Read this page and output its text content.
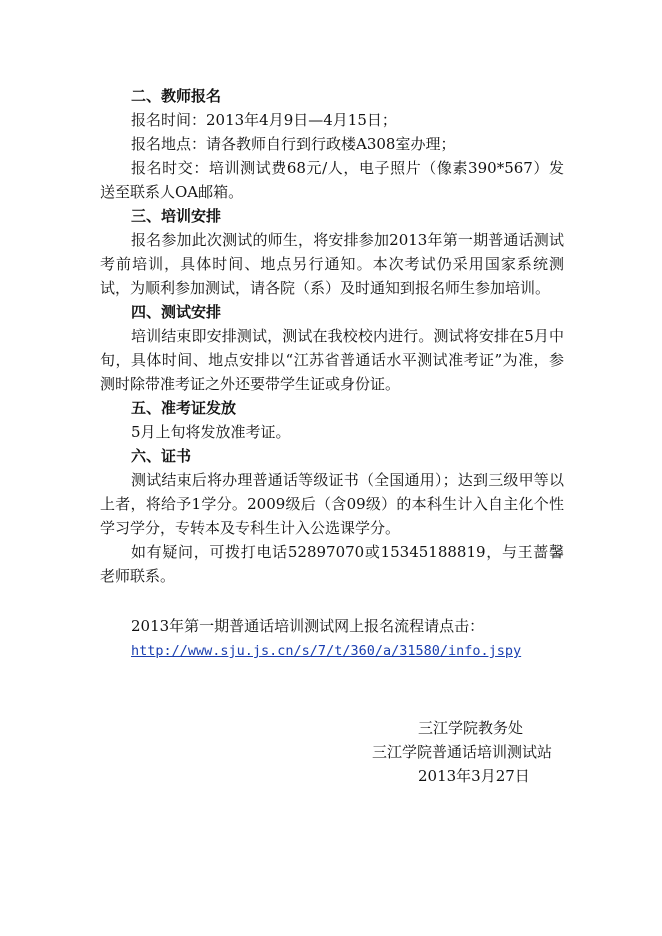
二、教师报名

报名时间：2013年4月9日—4月15日；

报名地点：请各教师自行到行政楼A308室办理；

报名时交：培训测试费68元/人，电子照片（像素390*567）发送至联系人OA邮箱。

三、培训安排

报名参加此次测试的师生，将安排参加2013年第一期普通话测试考前培训，具体时间、地点另行通知。本次考试仍采用国家系统测试，为顺利参加测试，请各院（系）及时通知到报名师生参加培训。

四、测试安排

培训结束即安排测试，测试在我校校内进行。测试将安排在5月中旬，具体时间、地点安排以“江苏省普通话水平测试准考证”为准，参测时除带准考证之外还要带学生证或身份证。

五、准考证发放

5月上旬将发放准考证。

六、证书

测试结束后将办理普通话等级证书（全国通用）；达到三级甲等以上者，将给予1学分。2009级后（含09级）的本科生计入自主化个性学习学分，专转本及专科生计入公选课学分。

如有疑问，可拨打电话52897070或15345188819，与王蔷馨老师联系。

2013年第一期普通话培训测试网上报名流程请点击：

http://www.sju.js.cn/s/7/t/360/a/31580/info.jspy

三江学院教务处
三江学院普通话培训测试站
2013年3月27日
